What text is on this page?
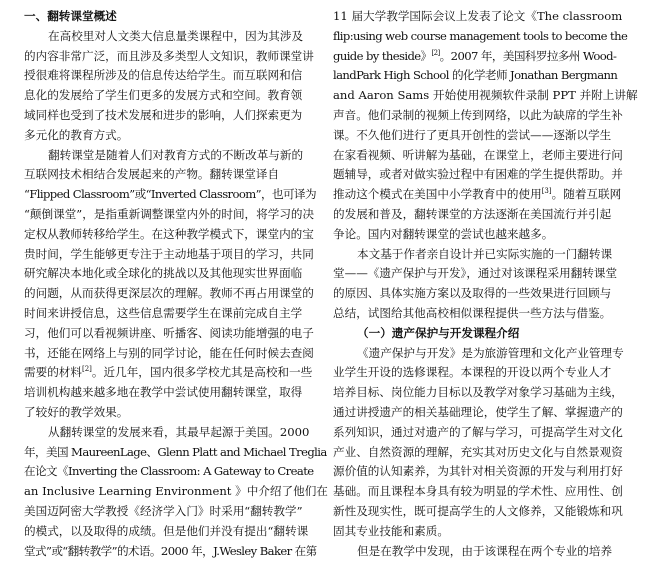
一、翻转课堂概述
在高校里对人文类大信息量类课程中，因为其涉及
的内容非常广泛，而且涉及多类型人文知识，教师课堂讲
授很难将课程所涉及的信息传达给学生。而互联网和信
息化的发展给了学生们更多的发展方式和空间。教育领
域同样也受到了技术发展和进步的影响，人们探索更为
多元化的教育方式。
翻转课堂是随着人们对教育方式的不断改革与新的
互联网技术相结合发展起来的产物。翻转课堂译自
“Flipped Classroom”或“Inverted Classroom”，也可译为
“颠倒课堂”，是指重新调整课堂内外的时间，将学习的决
定权从教师转移给学生。在这种教学模式下，课堂内的宝
贵时间，学生能够更专注于主动地基于项目的学习，共同
研究解决本地化或全球化的挑战以及其他现实世界面临
的问题，从而获得更深层次的理解。教师不再占用课堂的
时间来讲授信息，这些信息需要学生在课前完成自主学
习，他们可以看视频讲座、听播客、阅读功能增强的电子
书，还能在网络上与别的同学讨论，能在任何时候去查阅
需要的材料[2]。近几年，国内很多学校尤其是高校和一些
培训机构越来越多地在教学中尝试使用翻转课堂，取得
了较好的教学效果。
从翻转课堂的发展来看，其最早起源于美国。2000
年，美国 MaureenLage、Glenn Platt and Michael Treglia
在论文《Inverting the Classroom: A Gateway to Create
an Inclusive Learning Environment 》中介绍了他们在
美国迈阿密大学教授《经济学入门》时采用“翻转教学”
的模式，以及取得的成绩。但是他们并没有提出“翻转课
堂式”或“翻转教学”的术语。2000 年，J.Wesley Baker 在第
11 届大学教学国际会议上发表了论文《The classroom
flip:using web course management tools to become the
guide by theside》[2]。2007 年，美国科罗拉多州 Wood-
landPark High School 的化学老师 Jonathan Bergmann
and Aaron Sams 开始使用视频软件录制 PPT 并附上讲解
声音。他们录制的视频上传到网络，以此为缺席的学生补
课。不久他们进行了更具开创性的尝试——逐渐以学生
在家看视频、听讲解为基础，在课堂上，老师主要进行问
题辅导，或者对做实验过程中有困难的学生提供帮助。并
推动这个模式在美国中小学教育中的使用[3]。随着互联网
的发展和普及，翻转课堂的方法逐渐在美国流行并引起
争论。国内对翻转课堂的尝试也越来越多。
本文基于作者亲自设计并已实际实施的一门翻转课
堂——《遗产保护与开发》，通过对该课程采用翻转课堂
的原因、具体实施方案以及取得的一些效果进行回顾与
总结，试图给其他高校相似课程提供一些方法与借鉴。
（一）遗产保护与开发课程介绍
《遗产保护与开发》是为旅游管理和文化产业管理专
业学生开设的选修课程。本课程的开设以两个专业人才
培养目标、岗位能力目标以及教学对象学习基础为主线，
通过讲授遗产的相关基础理论，使学生了解、掌握遗产的
系列知识，通过对遗产的了解与学习，可提高学生对文化
产业、自然资源的理解，充实其对历史文化与自然景观资
源价值的认知素养，为其针对相关资源的开发与利用打好
基础。而且课程本身具有较为明显的学术性、应用性、创
新性及现实性，既可提高学生的人文修养，又能锻炼和巩
固其专业技能和素质。
但是在教学中发现，由于该课程在两个专业的培养
